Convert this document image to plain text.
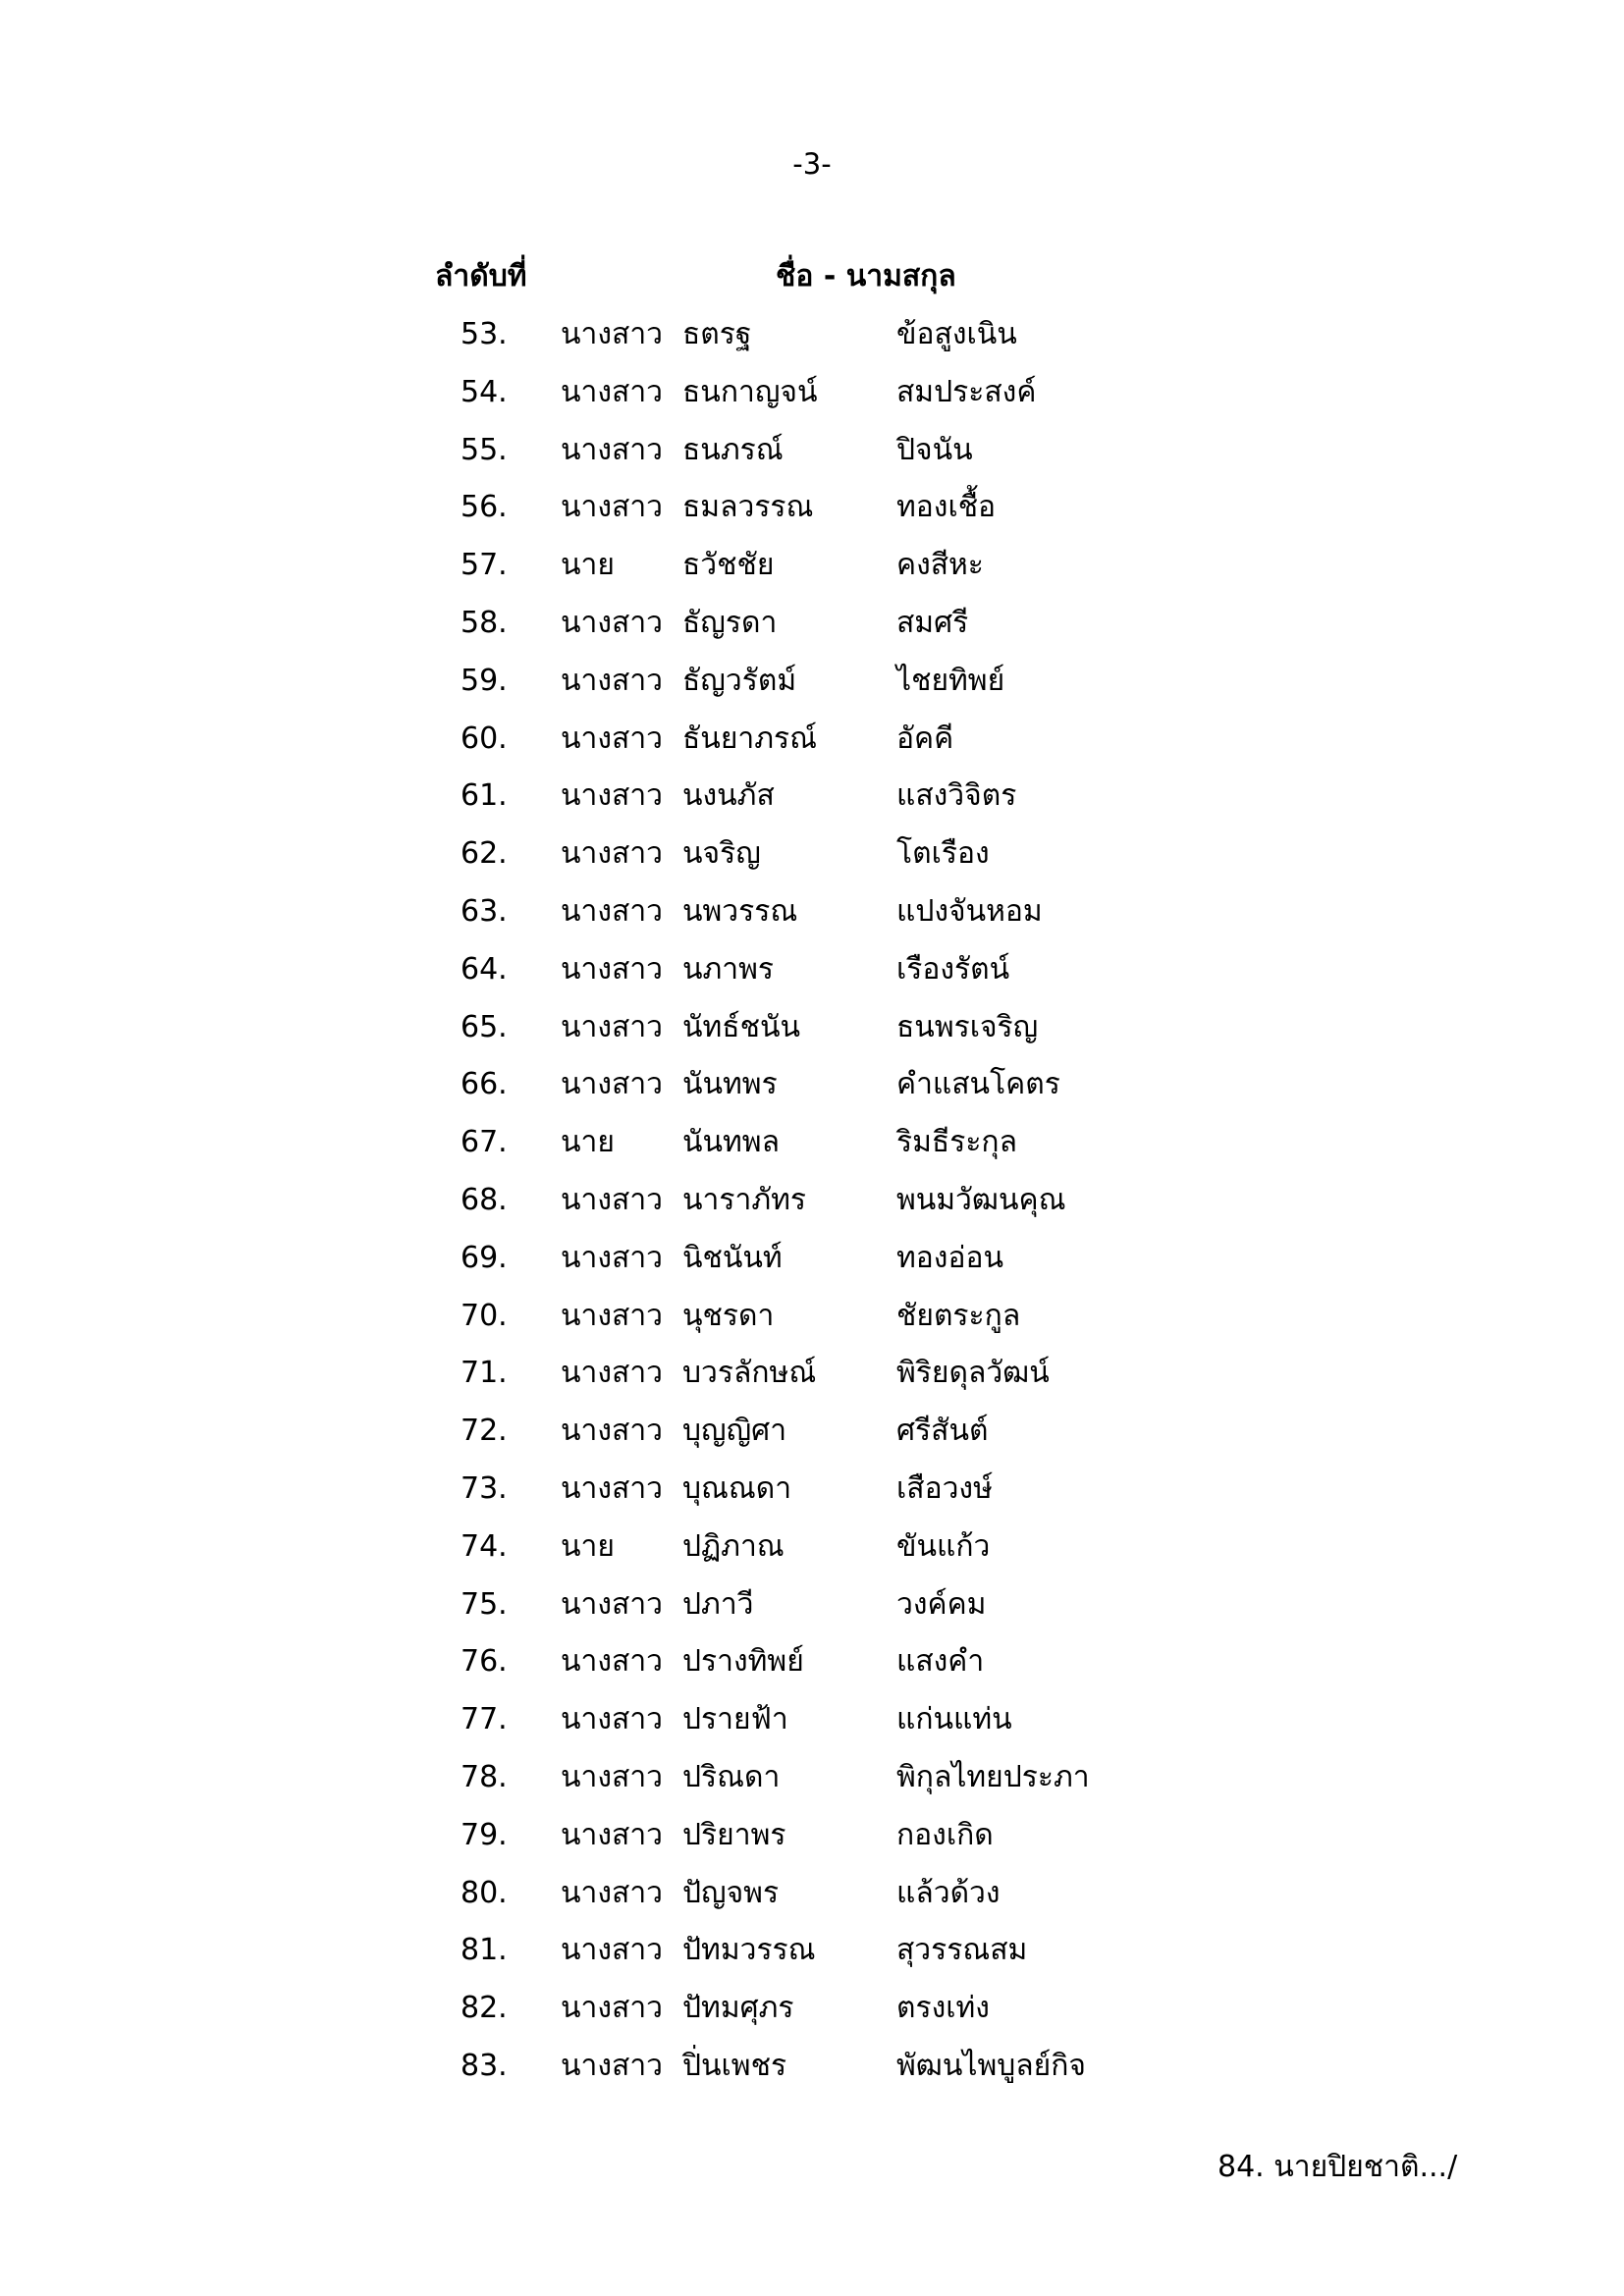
-3-
ลำดับที่	ชื่อ - นามสกุล
53. นางสาว ธตรฐ	ข้อสูงเนิน
54. นางสาว ธนกาญจน์	สมประสงค์
55. นางสาว ธนภรณ์	ปิจนัน
56. นางสาว ธมลวรรณ	ทองเชื้อ
57. นาย ธวัชชัย	คงสีหะ
58. นางสาว ธัญรดา	สมศรี
59. นางสาว ธัญวรัตม์	ไชยทิพย์
60. นางสาว ธันยาภรณ์	อัคคี
61. นางสาว นงนภัส	แสงวิจิตร
62. นางสาว นจริญ	โตเรือง
63. นางสาว นพวรรณ	แปงจันหอม
64. นางสาว นภาพร	เรืองรัตน์
65. นางสาว นัทธ์ชนัน	ธนพรเจริญ
66. นางสาว นันทพร	คำแสนโคตร
67. นาย นันทพล	ริมธีระกุล
68. นางสาว นาราภัทร	พนมวัฒนคุณ
69. นางสาว นิชนันท์	ทองอ่อน
70. นางสาว นุชรดา	ชัยตระกูล
71. นางสาว บวรลักษณ์	พิริยดุลวัฒน์
72. นางสาว บุญญิศา	ศรีสันต์
73. นางสาว บุณณดา	เสือวงษ์
74. นาย ปฏิภาณ	ขันแก้ว
75. นางสาว ปภาวี	วงค์คม
76. นางสาว ปรางทิพย์	แสงคำ
77. นางสาว ปรายฟ้า	แก่นแท่น
78. นางสาว ปริณดา	พิกุลไทยประภา
79. นางสาว ปริยาพร	กองเกิด
80. นางสาว ปัญจพร	แล้วด้วง
81. นางสาว ปัทมวรรณ	สุวรรณสม
82. นางสาว ปัทมศุภร	ตรงเท่ง
83. นางสาว ปิ่นเพชร	พัฒนไพบูลย์กิจ
84. นายปิยชาติ.../
